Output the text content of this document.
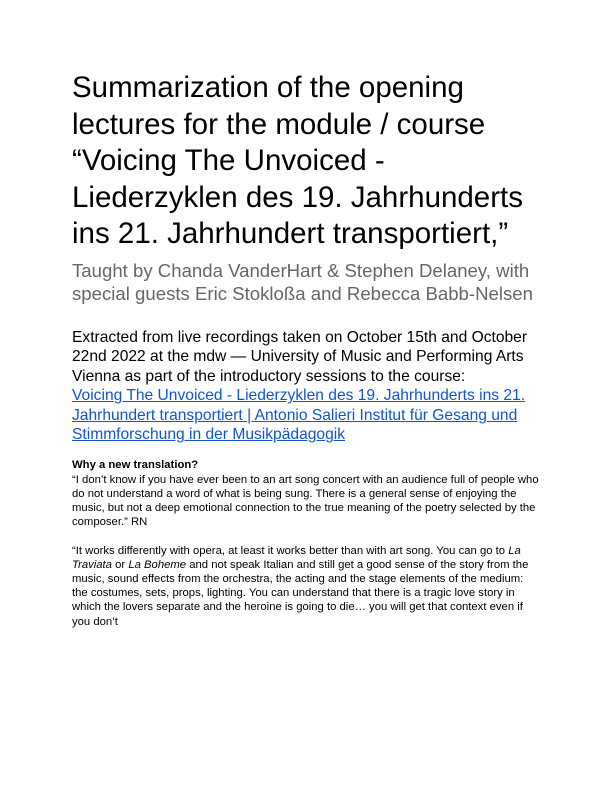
Summarization of the opening lectures for the module / course “Voicing The Unvoiced - Liederzyklen des 19. Jahrhunderts ins 21. Jahrhundert transportiert,”

Taught by Chanda VanderHart & Stephen Delaney, with special guests Eric Stokloßa and Rebecca Babb-Nelsen

Extracted from live recordings taken on October 15th and October 22nd 2022 at the mdw — University of Music and Performing Arts Vienna as part of the introductory sessions to the course:
Voicing The Unvoiced - Liederzyklen des 19. Jahrhunderts ins 21. Jahrhundert transportiert | Antonio Salieri Institut für Gesang und Stimmforschung in der Musikpädagogik

Why a new translation?

“I don’t know if you have ever been to an art song concert with an audience full of people who do not understand a word of what is being sung. There is a general sense of enjoying the music, but not a deep emotional connection to the true meaning of the poetry selected by the composer.” RN

“It works differently with opera, at least it works better than with art song. You can go to La Traviata or La Boheme and not speak Italian and still get a good sense of the story from the music, sound effects from the orchestra, the acting and the stage elements of the medium: the costumes, sets, props, lighting. You can understand that there is a tragic love story in which the lovers separate and the heroine is going to die… you will get that context even if you don’t
